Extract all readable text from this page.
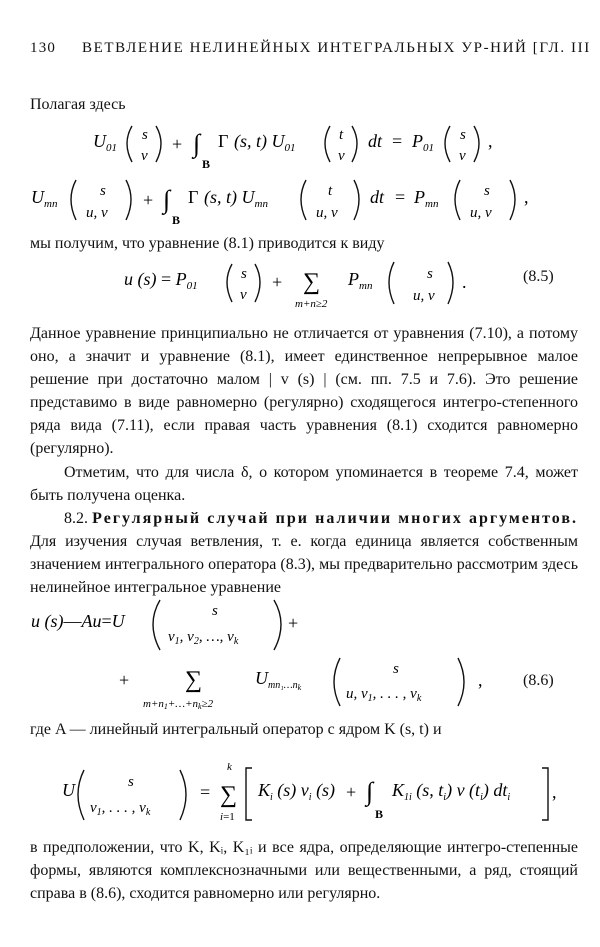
130 ВЕТВЛЕНИЕ НЕЛИНЕЙНЫХ ИНТЕГРАЛЬНЫХ УР-НИЙ [ГЛ. III
Полагая здесь
$U_{01}$
s
v
+ ∫
B
Γ (s, t) $U_{01}$
t
v
dt = $P_{01}$
s
v
,
$U_{mn}$
s
u, v
+ ∫
B
Γ (s, t) $U_{mn}$
t
u, v
dt = $P_{mn}$
s
u, v
,
мы получим, что уравнение (8.1) приводится к виду
u $(s) = P_{01}$
s
v
+ ∑
m+n≥2
$P_{mn}$
s
u, v
.	(8.5)
Данное уравнение принципиально не отличается от уравнения (7.10), а потому оно, а значит и уравнение (8.1), имеет единственное непрерывное малое решение при достаточно малом | v (s) | (см. пп. 7.5 и 7.6). Это решение представимо в виде равномерно (регулярно) сходящегося интегро-степенного ряда вида (7.11), если правая часть уравнения (8.1) сходится равномерно (регулярно).
Отметим, что для числа δ, о котором упоминается в теореме 7.4, может быть получена оценка.
8.2. Регулярный случай при наличии многих аргументов. Для изучения случая ветвления, т. е. когда единица является собственным значением интегрального оператора (8.3), мы предварительно рассмотрим здесь нелинейное интегральное уравнение
u (s)—Au=U	s
$v_1$, $v_2$, …, $v_k$
+
+ ∑
m+n1+…+nk≥2
$U_{mn_1\dots n}k$
s
u, $v_1$, . . . , $v_k$
,	(8.6)
где A — линейный интегральный оператор с ядром K (s, t) и
U	s
$v_1$, . . . , $v_k$
=
k
∑
i=1
$K_i$ (s) $v_i$ (s) + ∫
B
$K_{1i}$ (s, $t_i$) v $(t_i)$ $dt_i$ ,
в предположении, что K, Kᵢ, K₁ᵢ и все ядра, определяющие интегро-степенные формы, являются комплекснозначными или вещественными, а ряд, стоящий справа в (8.6), сходится равномерно или регулярно.
